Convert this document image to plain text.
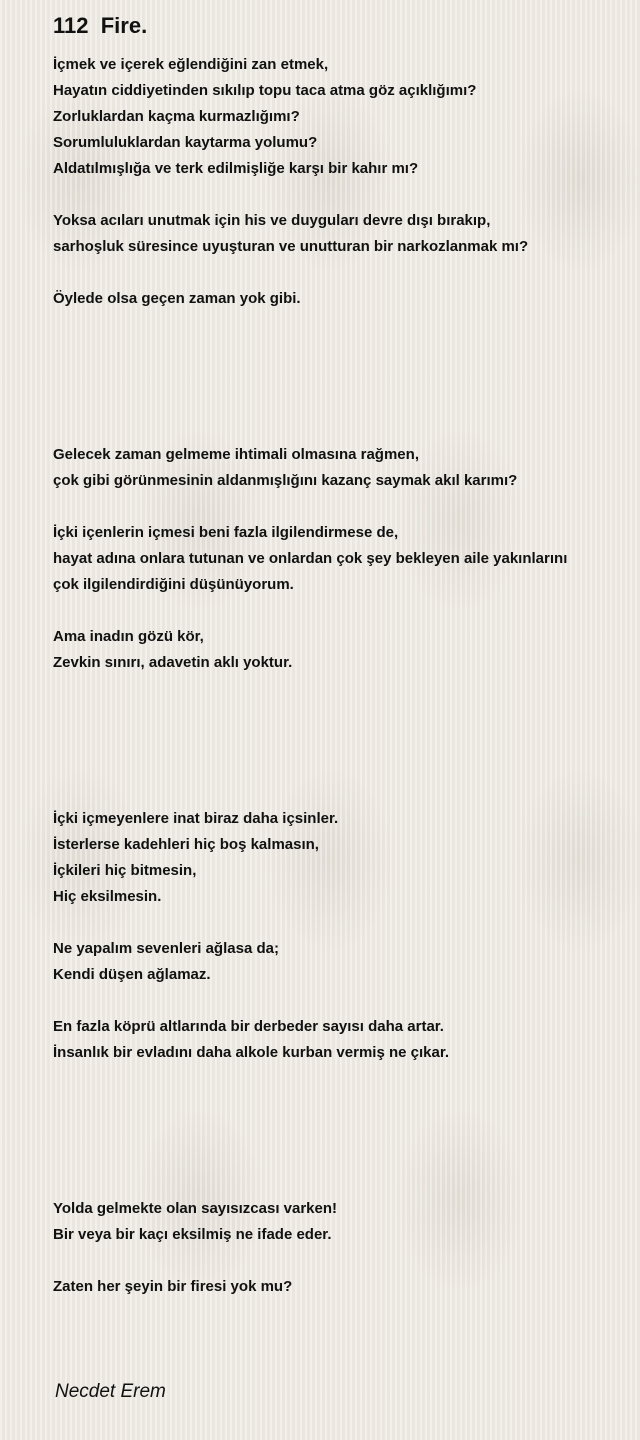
112  Fire.
İçmek ve içerek eğlendiğini zan etmek,
Hayatın ciddiyetinden sıkılıp topu taca atma göz açıklığımı?
Zorluklardan kaçma kurmazlığımı?
Sorumluluklardan kaytarma yolumu?
Aldatılmışlığa ve terk edilmişliğe karşı bir kahır mı?
Yoksa acıları unutmak için his ve duyguları devre dışı bırakıp,
sarhoşluk süresince uyuşturan ve unutturan bir narkozlanmak mı?
Öylede olsa geçen zaman yok gibi.
Gelecek zaman gelmeme ihtimali olmasına rağmen,
çok gibi görünmesinin aldanmışlığını kazanç saymak akıl karımı?
İçki içenlerin içmesi beni fazla ilgilendirmese de,
hayat adına onlara tutunan ve onlardan çok şey bekleyen aile yakınlarını
çok ilgilendirdiğini düşünüyorum.
Ama inadın gözü kör,
Zevkin sınırı, adavetin aklı yoktur.
İçki içmeyenlere inat biraz daha içsinler.
İsterlerse kadehleri hiç boş kalmasın,
İçkileri hiç bitmesin,
Hiç eksilmesin.
Ne yapalım sevenleri ağlasa da;
Kendi düşen ağlamaz.
En fazla köprü altlarında bir derbeder sayısı daha artar.
İnsanlık bir evladını daha alkole kurban vermiş ne çıkar.
Yolda gelmekte olan sayısızcası varken!
Bir veya bir kaçı eksilmiş ne ifade eder.
Zaten her şeyin bir firesi yok mu?
Necdet Erem
